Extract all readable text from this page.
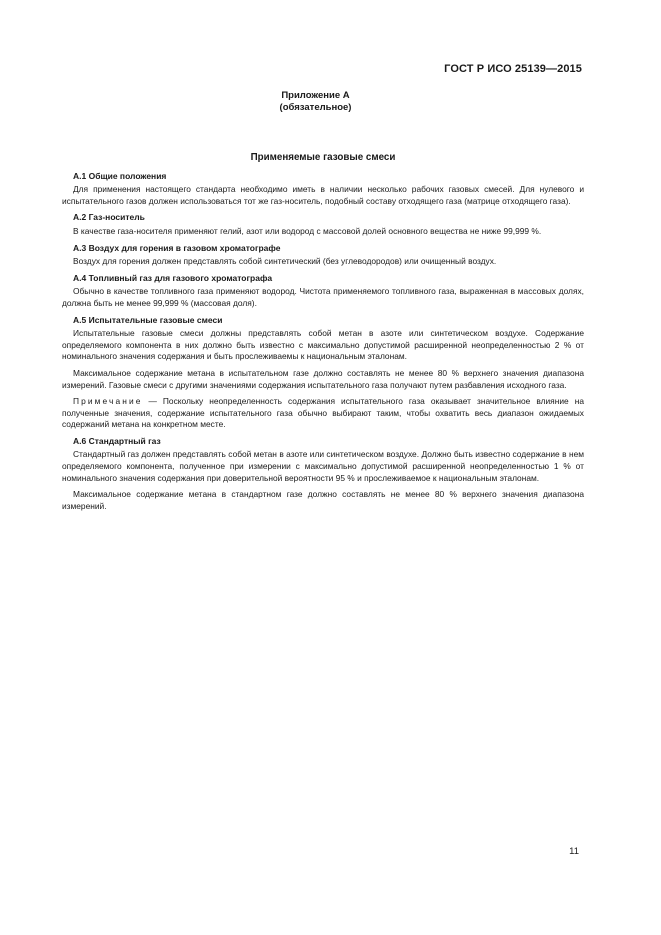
ГОСТ Р ИСО 25139—2015
Приложение А
(обязательное)
Применяемые газовые смеси
А.1 Общие положения

Для применения настоящего стандарта необходимо иметь в наличии несколько рабочих газовых смесей. Для нулевого и испытательного газов должен использоваться тот же газ-носитель, подобный составу отходящего газа (матрице отходящего газа).

А.2 Газ-носитель

В качестве газа-носителя применяют гелий, азот или водород с массовой долей основного вещества не ниже 99,999 %.

А.3 Воздух для горения в газовом хроматографе

Воздух для горения должен представлять собой синтетический (без углеводородов) или очищенный воздух.

А.4 Топливный газ для газового хроматографа

Обычно в качестве топливного газа применяют водород. Чистота применяемого топливного газа, выраженная в массовых долях, должна быть не менее 99,999 % (массовая доля).

А.5 Испытательные газовые смеси

Испытательные газовые смеси должны представлять собой метан в азоте или синтетическом воздухе. Содержание определяемого компонента в них должно быть известно с максимально допустимой расширенной неопределенностью 2 % от номинального значения содержания и быть прослеживаемы к национальным эталонам.

Максимальное содержание метана в испытательном газе должно составлять не менее 80 % верхнего значения диапазона измерений. Газовые смеси с другими значениями содержания испытательного газа получают путем разбавления исходного газа.

Примечание — Поскольку неопределенность содержания испытательного газа оказывает значительное влияние на полученные значения, содержание испытательного газа обычно выбирают таким, чтобы охватить весь диапазон ожидаемых содержаний метана на конкретном месте.

А.6 Стандартный газ

Стандартный газ должен представлять собой метан в азоте или синтетическом воздухе. Должно быть известно содержание в нем определяемого компонента, полученное при измерении с максимально допустимой расширенной неопределенностью 1 % от номинального значения содержания при доверительной вероятности 95 % и прослеживаемое к национальным эталонам.

Максимальное содержание метана в стандартном газе должно составлять не менее 80 % верхнего значения диапазона измерений.

11
